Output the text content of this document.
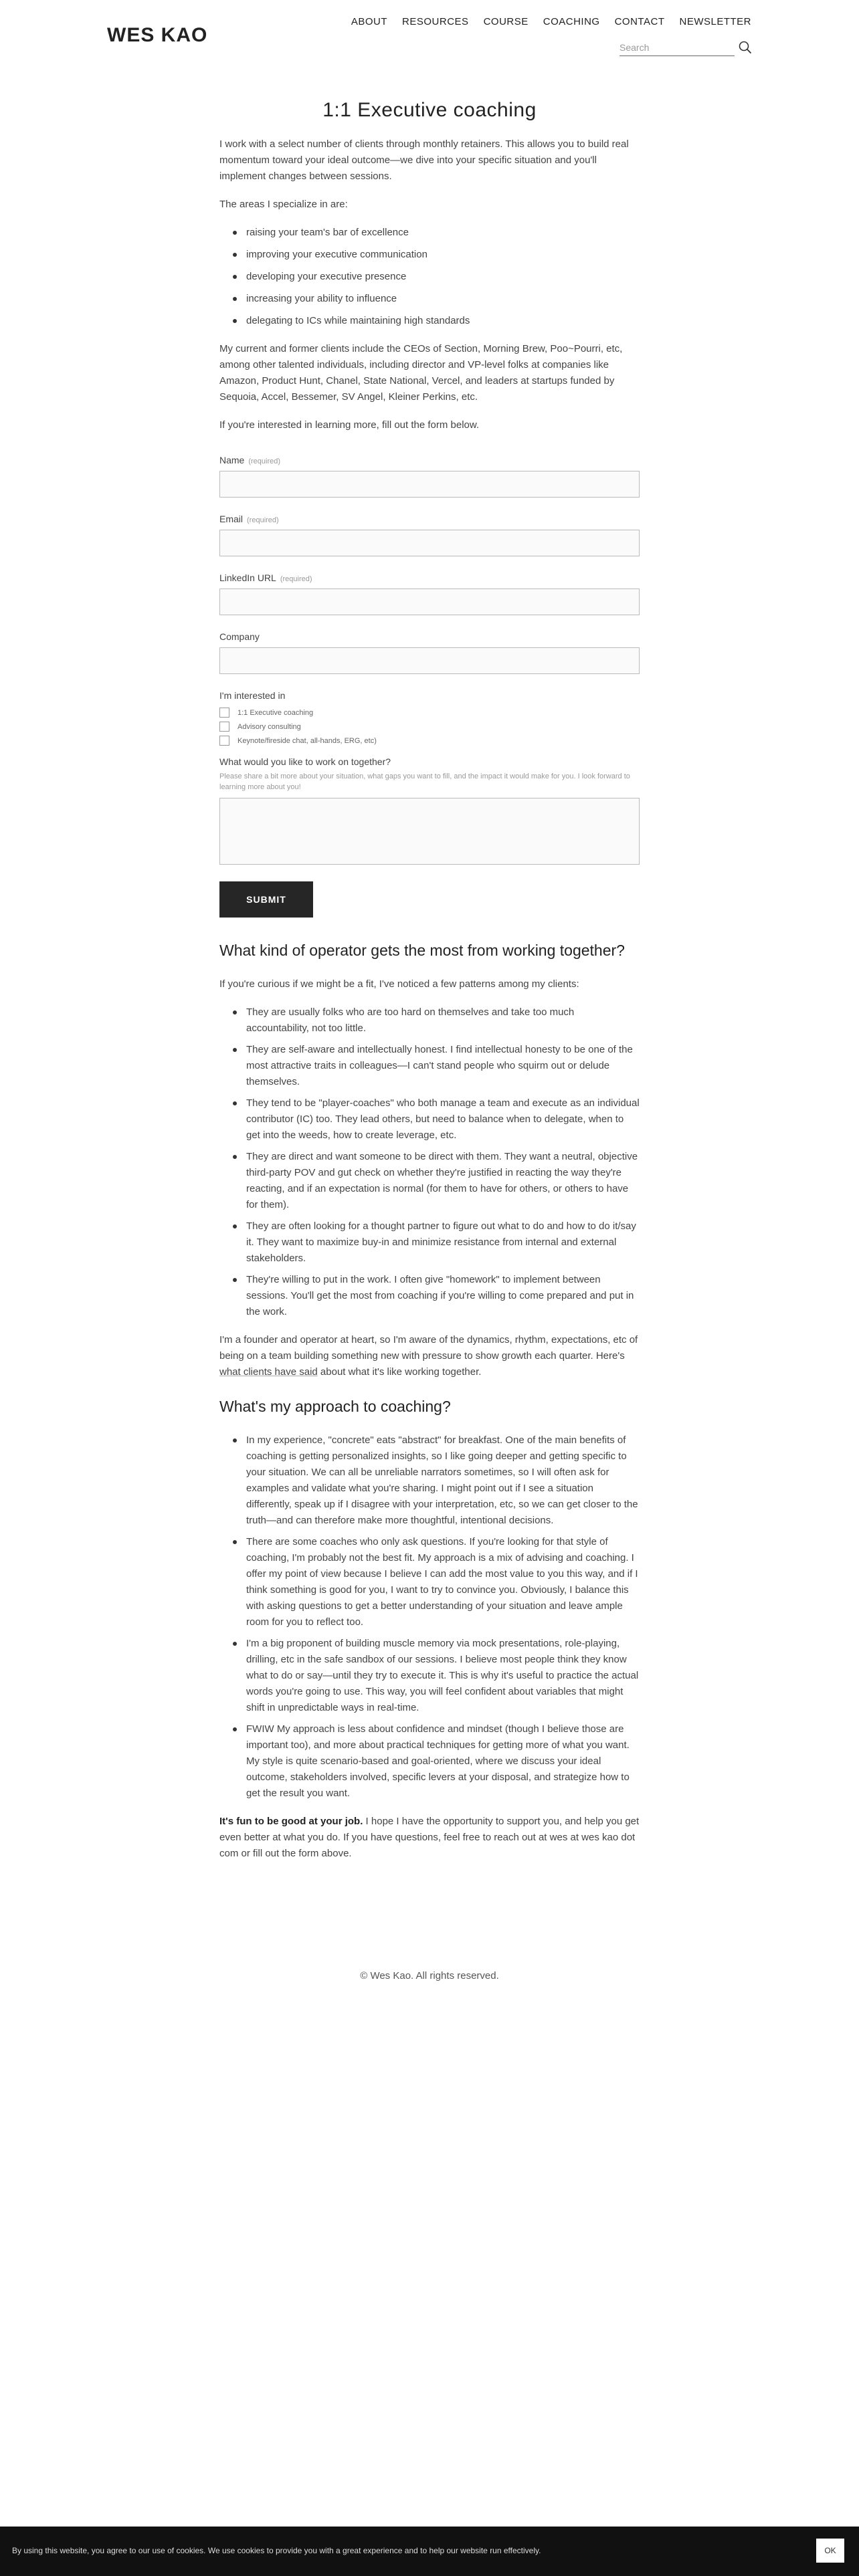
WES KAO
ABOUT RESOURCES COURSE COACHING CONTACT NEWSLETTER
Search
1:1 Executive coaching

I work with a select number of clients through monthly retainers. This allows you to build real momentum toward your ideal outcome—we dive into your specific situation and you'll implement changes between sessions.

The areas I specialize in are:

raising your team's bar of excellence
improving your executive communication
developing your executive presence
increasing your ability to influence
delegating to ICs while maintaining high standards

My current and former clients include the CEOs of Section, Morning Brew, Poo~Pourri, etc, among other talented individuals, including director and VP-level folks at companies like Amazon, Product Hunt, Chanel, State National, Vercel, and leaders at startups funded by Sequoia, Accel, Bessemer, SV Angel, Kleiner Perkins, etc.

If you're interested in learning more, fill out the form below.

Name (required)
Email (required)
LinkedIn URL (required)
Company
I'm interested in
1:1 Executive coaching
Advisory consulting
Keynote/fireside chat, all-hands, ERG, etc)
What would you like to work on together?
Please share a bit more about your situation, what gaps you want to fill, and the impact it would make for you. I look forward to learning more about you!
SUBMIT
What kind of operator gets the most from working together?

If you're curious if we might be a fit, I've noticed a few patterns among my clients:

They are usually folks who are too hard on themselves and take too much accountability, not too little.
They are self-aware and intellectually honest. I find intellectual honesty to be one of the most attractive traits in colleagues—I can't stand people who squirm out or delude themselves.
They tend to be "player-coaches" who both manage a team and execute as an individual contributor (IC) too. They lead others, but need to balance when to delegate, when to get into the weeds, how to create leverage, etc.
They are direct and want someone to be direct with them. They want a neutral, objective third-party POV and gut check on whether they're justified in reacting the way they're reacting, and if an expectation is normal (for them to have for others, or others to have for them).
They are often looking for a thought partner to figure out what to do and how to do it/say it. They want to maximize buy-in and minimize resistance from internal and external stakeholders.
They're willing to put in the work. I often give "homework" to implement between sessions. You'll get the most from coaching if you're willing to come prepared and put in the work.

I'm a founder and operator at heart, so I'm aware of the dynamics, rhythm, expectations, etc of being on a team building something new with pressure to show growth each quarter. Here's what clients have said about what it's like working together.

What's my approach to coaching?
In my experience, "concrete" eats "abstract" for breakfast. One of the main benefits of coaching is getting personalized insights, so I like going deeper and getting specific to your situation. We can all be unreliable narrators sometimes, so I will often ask for examples and validate what you're sharing. I might point out if I see a situation differently, speak up if I disagree with your interpretation, etc, so we can get closer to the truth—and can therefore make more thoughtful, intentional decisions.
There are some coaches who only ask questions. If you're looking for that style of coaching, I'm probably not the best fit. My approach is a mix of advising and coaching. I offer my point of view because I believe I can add the most value to you this way, and if I think something is good for you, I want to try to convince you. Obviously, I balance this with asking questions to get a better understanding of your situation and leave ample room for you to reflect too.
I'm a big proponent of building muscle memory via mock presentations, role-playing, drilling, etc in the safe sandbox of our sessions. I believe most people think they know what to do or say—until they try to execute it. This is why it's useful to practice the actual words you're going to use. This way, you will feel confident about variables that might shift in unpredictable ways in real-time.
FWIW My approach is less about confidence and mindset (though I believe those are important too), and more about practical techniques for getting more of what you want. My style is quite scenario-based and goal-oriented, where we discuss your ideal outcome, stakeholders involved, specific levers at your disposal, and strategize how to get the result you want.

It's fun to be good at your job. I hope I have the opportunity to support you, and help you get even better at what you do. If you have questions, feel free to reach out at wes at wes kao dot com or fill out the form above.

© Wes Kao. All rights reserved.
By using this website, you agree to our use of cookies. We use cookies to provide you with a great experience and to help our website run effectively.	OK
